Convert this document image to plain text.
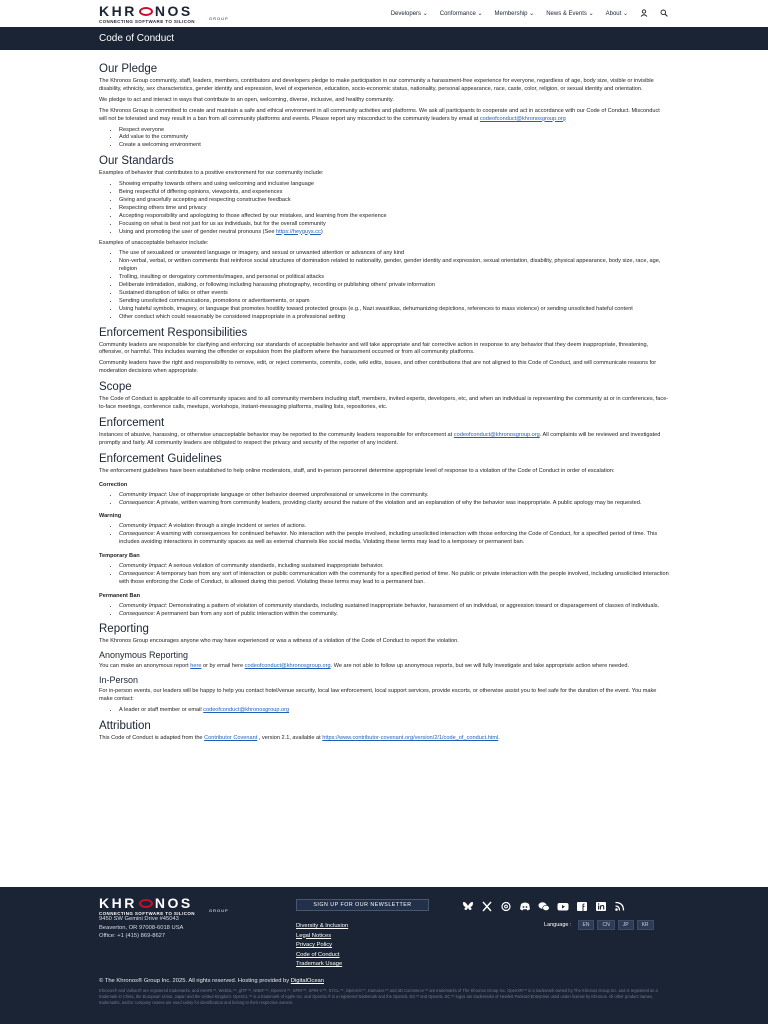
KHR NOS	GROUP
CONNECTING SOFTWARE TO SILICON
Developers ⌄ Conformance ⌄ Membership ⌄ News & Events ⌄ About ⌄
Code of Conduct
Our Pledge

The Khronos Group community, staff, leaders, members, contributors and developers pledge to make participation in our community a harassment-free experience for everyone, regardless of age, body size, visible or invisible disability, ethnicity, sex characteristics, gender identity and expression, level of experience, education, socio-economic status, nationality, personal appearance, race, caste, color, religion, or sexual identity and orientation.

We pledge to act and interact in ways that contribute to an open, welcoming, diverse, inclusive, and healthy community.

The Khronos Group is committed to create and maintain a safe and ethical environment in all community activities and platforms. We ask all participants to cooperate and act in accordance with our Code of Conduct. Misconduct will not be tolerated and may result in a ban from all community platforms and events. Please report any misconduct to the community leaders by email at codeofconduct@khronosgroup.org

• Respect everyone
• Add value to the community
• Create a welcoming environment
Our Standards

Examples of behavior that contributes to a positive environment for our community include:

• Showing empathy towards others and using welcoming and inclusive language
• Being respectful of differing opinions, viewpoints, and experiences
• Giving and gracefully accepting and respecting constructive feedback
• Respecting others time and privacy
• Accepting responsibility and apologizing to those affected by our mistakes, and learning from the experience
• Focusing on what is best not just for us as individuals, but for the overall community
• Using and promoting the user of gender neutral pronouns (See https://heyguys.cc)

Examples of unacceptable behavior include:

• The use of sexualized or unwanted language or imagery, and sexual or unwanted attention or advances of any kind
• Non-verbal, verbal, or written comments that reinforce social structures of domination related to nationality, gender, gender identity and expression, sexual orientation, disability, physical appearance, body size, race, age, religion
• Trolling, insulting or derogatory comments/images, and personal or political attacks
• Deliberate intimidation, stalking, or following including harassing photography, recording or publishing others' private information
• Sustained disruption of talks or other events
• Sending unsolicited communications, promotions or advertisements, or spam
• Using hateful symbols, imagery, or language that promotes hostility toward protected groups (e.g., Nazi swastikas, dehumanizing depictions, references to mass violence) or sending unsolicited hateful content
• Other conduct which could reasonably be considered inappropriate in a professional setting
Enforcement Responsibilities

Community leaders are responsible for clarifying and enforcing our standards of acceptable behavior and will take appropriate and fair corrective action in response to any behavior that they deem inappropriate, threatening, offensive, or harmful. This includes warning the offender or expulsion from the platform where the harassment occurred or from all community platforms.

Community leaders have the right and responsibility to remove, edit, or reject comments, commits, code, wiki edits, issues, and other contributions that are not aligned to this Code of Conduct, and will communicate reasons for moderation decisions when appropriate.

Scope

The Code of Conduct is applicable to all community spaces and to all community members including staff, members, invited experts, developers, etc, and when an individual is representing the community at or in conferences, face-to-face meetings, conference calls, meetups, workshops, instant-messaging platforms, mailing lists, repositories, etc.

Enforcement

Instances of abusive, harassing, or otherwise unacceptable behavior may be reported to the community leaders responsible for enforcement at codeofconduct@khronosgroup.org. All complaints will be reviewed and investigated promptly and fairly. All community leaders are obligated to respect the privacy and security of the reporter of any incident.

Enforcement Guidelines

The enforcement guidelines have been established to help online moderators, staff, and in-person personnel determine appropriate level of response to a violation of the Code of Conduct in order of escalation:

Correction
• Community Impact: Use of inappropriate language or other behavior deemed unprofessional or unwelcome in the community.
• Consequence: A private, written warning from community leaders, providing clarity around the nature of the violation and an explanation of why the behavior was inappropriate. A public apology may be requested.
Warning
• Community Impact: A violation through a single incident or series of actions.
• Consequence: A warning with consequences for continued behavior. No interaction with the people involved, including unsolicited interaction with those enforcing the Code of Conduct, for a specified period of time. This includes avoiding interactions in community spaces as well as external channels like social media. Violating these terms may lead to a temporary or permanent ban.
Temporary Ban
• Community Impact: A serious violation of community standards, including sustained inappropriate behavior.
• Consequence: A temporary ban from any sort of interaction or public communication with the community for a specified period of time. No public or private interaction with the people involved, including unsolicited interaction with those enforcing the Code of Conduct, is allowed during this period. Violating these terms may lead to a permanent ban.
Permanent Ban
• Community Impact: Demonstrating a pattern of violation of community standards, including sustained inappropriate behavior, harassment of an individual, or aggression toward or disparagement of classes of individuals.
• Consequence: A permanent ban from any sort of public interaction within the community.
Reporting

The Khronos Group encourages anyone who may have experienced or was a witness of a violation of the Code of Conduct to report the violation.

Anonymous Reporting

You can make an anonymous report here or by email here codeofconduct@khronosgroup.org. We are not able to follow up anonymous reports, but we will fully investigate and take appropriate action where needed.

In-Person

For in-person events, our leaders will be happy to help you contact hotel/venue security, local law enforcement, local support services, provide escorts, or otherwise assist you to feel safe for the duration of the event. You make make contact:

• A leader or staff member or email codeofconduct@khronosgroup.org
Attribution

This Code of Conduct is adapted from the Contributor Covenant , version 2.1, available at https://www.contributor-covenant.org/version/2/1/code_of_conduct.html.

KHR NOS	GROUP
CONNECTING SOFTWARE TO SILICON
9450 SW Gemini Drive #45043
Beaverton, OR 97008-6018 USA
Office: +1 (415) 869-8627
SIGN UP FOR OUR NEWSLETTER
Diversity & Inclusion
Legal Notices
Privacy Policy
Code of Conduct
Trademark Usage
Language :	EN	CN	JP	KR
© The Khronos® Group Inc. 2025. All rights reserved. Hosting provided by DigitalOcean
Khronos® and Vulkan® are registered trademarks, and ANARI™, WebGL™, glTF™, NNEF™, OpenVX™, SPIR™, SPIR-V™, SYCL™, OpenVG™, Kamaros™ and 3D Commerce™ are trademarks of The Khronos Group Inc. OpenXR™ is a trademark owned by The Khronos Group Inc. and is registered as a trademark in China, the European Union, Japan and the United Kingdom. OpenCL™ is a trademark of Apple Inc. and OpenGL® is a registered trademark and the OpenGL ES™ and OpenGL SC™ logos are trademarks of Hewlett Packard Enterprise used under license by Khronos. All other product names, trademarks, and/or company names are used solely for identification and belong to their respective owners.
